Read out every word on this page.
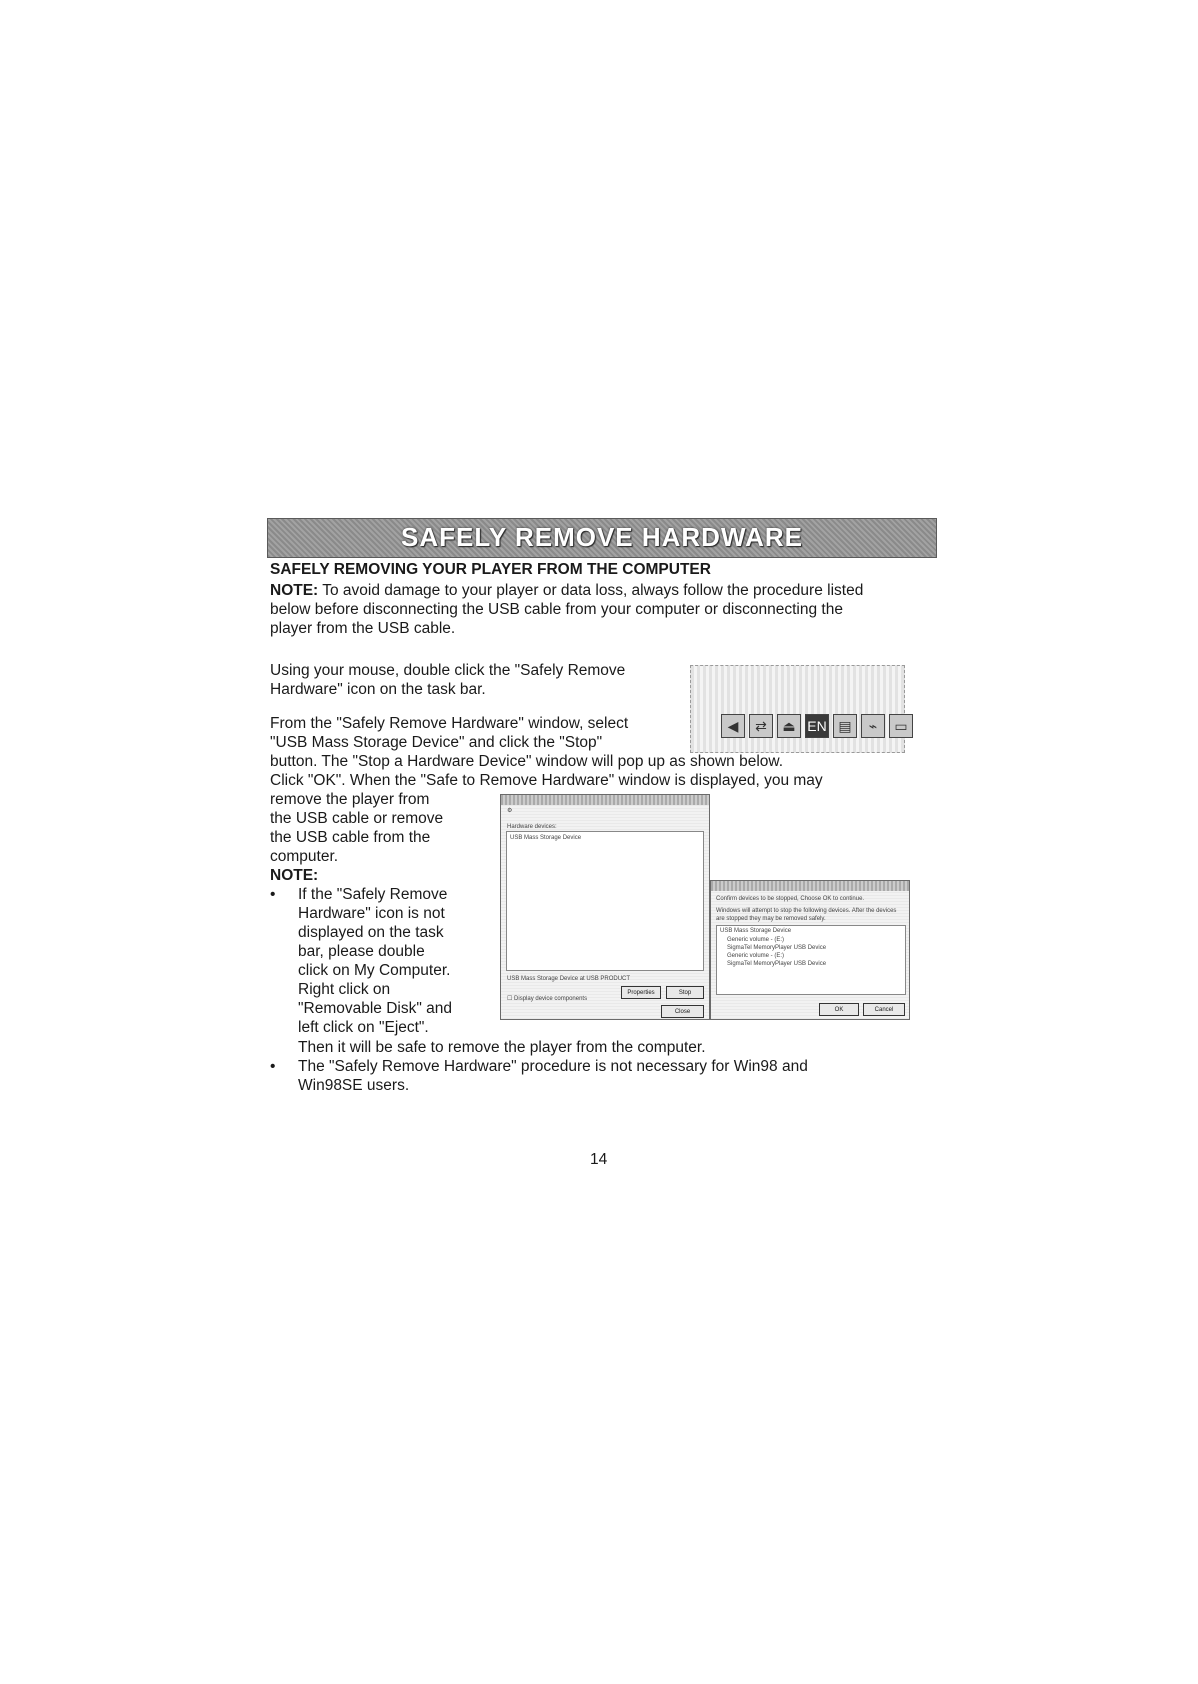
SAFELY REMOVE HARDWARE
SAFELY REMOVING YOUR PLAYER FROM THE COMPUTER
NOTE: To avoid damage to your player or data loss, always follow the procedure listed
below before disconnecting the USB cable from your computer or disconnecting the
player from the USB cable.
Using your mouse, double click the "Safely Remove
Hardware" icon on the task bar.
◀	⇄	⏏ EN ▤	⌁	▭
From the "Safely Remove Hardware" window, select
"USB Mass Storage Device" and click the "Stop"
button. The "Stop a Hardware Device" window will pop up as shown below.
Click "OK". When the "Safe to Remove Hardware" window is displayed, you may
remove the player from
the USB cable or remove
the USB cable from the
computer.
NOTE:
• If the "Safely Remove
Hardware" icon is not
displayed on the task
bar, please double
click on My Computer.
Right click on
"Removable Disk" and
left click on "Eject".
⚙
Hardware devices:
USB Mass Storage Device
USB Mass Storage Device at USB PRODUCT
Properties	Stop
☐ Display device components
Close
Confirm devices to be stopped, Choose OK to continue.
Windows will attempt to stop the following devices. After the devices are stopped they may be removed safely.
USB Mass Storage Device
Generic volume - (E:)
SigmaTel MemoryPlayer USB Device
Generic volume - (E:)
SigmaTel MemoryPlayer USB Device
OK	Cancel
Then it will be safe to remove the player from the computer.
• The "Safely Remove Hardware" procedure is not necessary for Win98 and
Win98SE users.
14
